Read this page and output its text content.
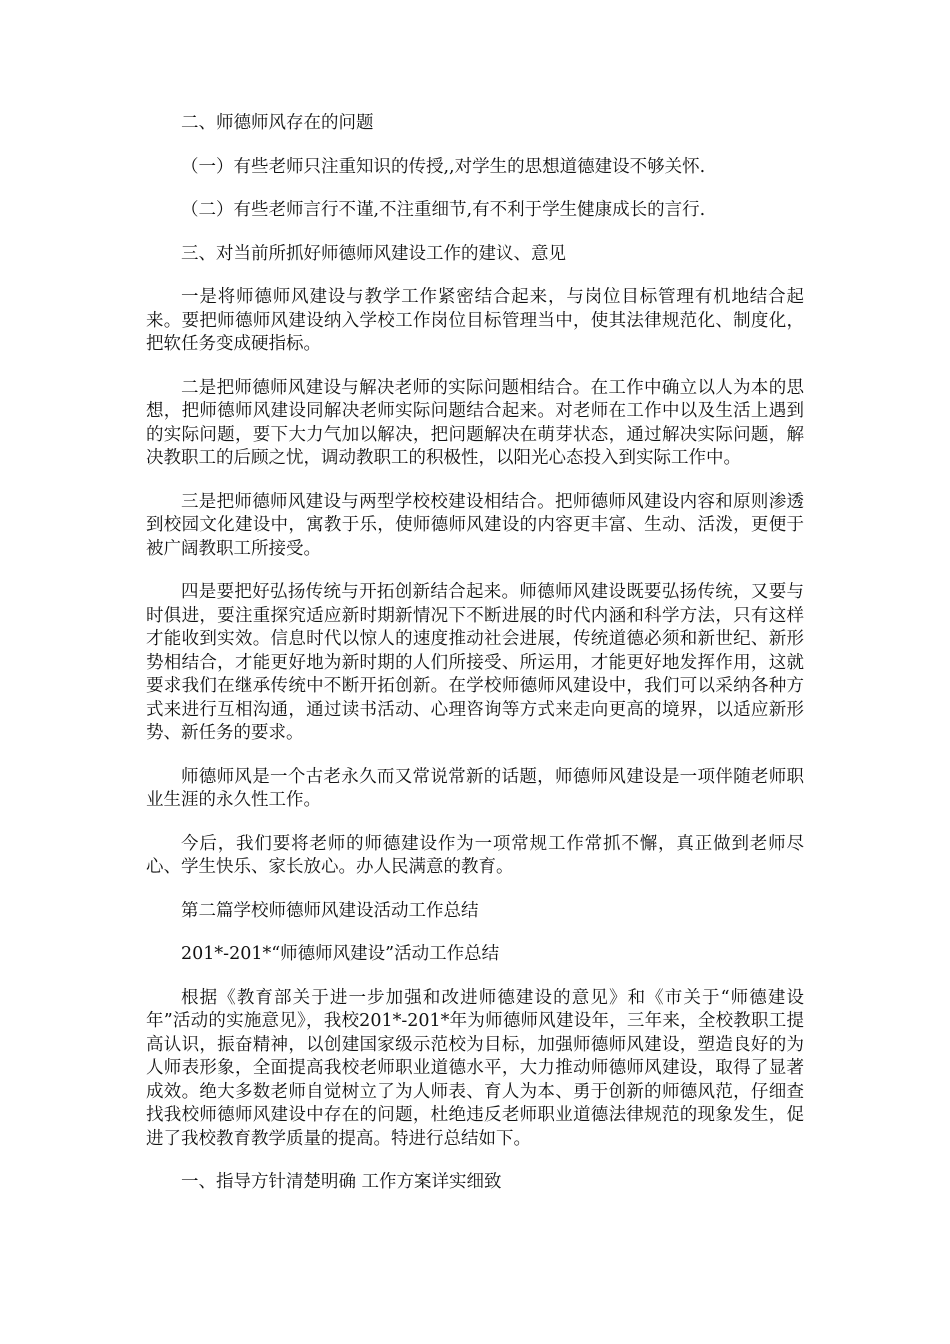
二、师德师风存在的问题

（一）有些老师只注重知识的传授,,对学生的思想道德建设不够关怀.

（二）有些老师言行不谨,不注重细节,有不利于学生健康成长的言行.

三、对当前所抓好师德师风建设工作的建议、意见

一是将师德师风建设与教学工作紧密结合起来，与岗位目标管理有机地结合起来。要把师德师风建设纳入学校工作岗位目标管理当中，使其法律规范化、制度化，把软任务变成硬指标。

二是把师德师风建设与解决老师的实际问题相结合。在工作中确立以人为本的思想，把师德师风建设同解决老师实际问题结合起来。对老师在工作中以及生活上遇到的实际问题，要下大力气加以解决，把问题解决在萌芽状态，通过解决实际问题，解决教职工的后顾之忧，调动教职工的积极性，以阳光心态投入到实际工作中。

三是把师德师风建设与两型学校校建设相结合。把师德师风建设内容和原则渗透到校园文化建设中，寓教于乐，使师德师风建设的内容更丰富、生动、活泼，更便于被广阔教职工所接受。

四是要把好弘扬传统与开拓创新结合起来。师德师风建设既要弘扬传统，又要与时俱进，要注重探究适应新时期新情况下不断进展的时代内涵和科学方法，只有这样才能收到实效。信息时代以惊人的速度推动社会进展，传统道德必须和新世纪、新形势相结合，才能更好地为新时期的人们所接受、所运用，才能更好地发挥作用，这就要求我们在继承传统中不断开拓创新。在学校师德师风建设中，我们可以采纳各种方式来进行互相沟通，通过读书活动、心理咨询等方式来走向更高的境界，以适应新形势、新任务的要求。

师德师风是一个古老永久而又常说常新的话题，师德师风建设是一项伴随老师职业生涯的永久性工作。

今后，我们要将老师的师德建设作为一项常规工作常抓不懈，真正做到老师尽心、学生快乐、家长放心。办人民满意的教育。

第二篇学校师德师风建设活动工作总结

201*-201*“师德师风建设”活动工作总结

根据《教育部关于进一步加强和改进师德建设的意见》和《市关于“师德建设年”活动的实施意见》，我校201*-201*年为师德师风建设年，三年来，全校教职工提高认识，振奋精神，以创建国家级示范校为目标，加强师德师风建设，塑造良好的为人师表形象，全面提高我校老师职业道德水平，大力推动师德师风建设，取得了显著成效。绝大多数老师自觉树立了为人师表、育人为本、勇于创新的师德风范，仔细查找我校师德师风建设中存在的问题，杜绝违反老师职业道德法律规范的现象发生，促进了我校教育教学质量的提高。特进行总结如下。

一、指导方针清楚明确 工作方案详实细致
